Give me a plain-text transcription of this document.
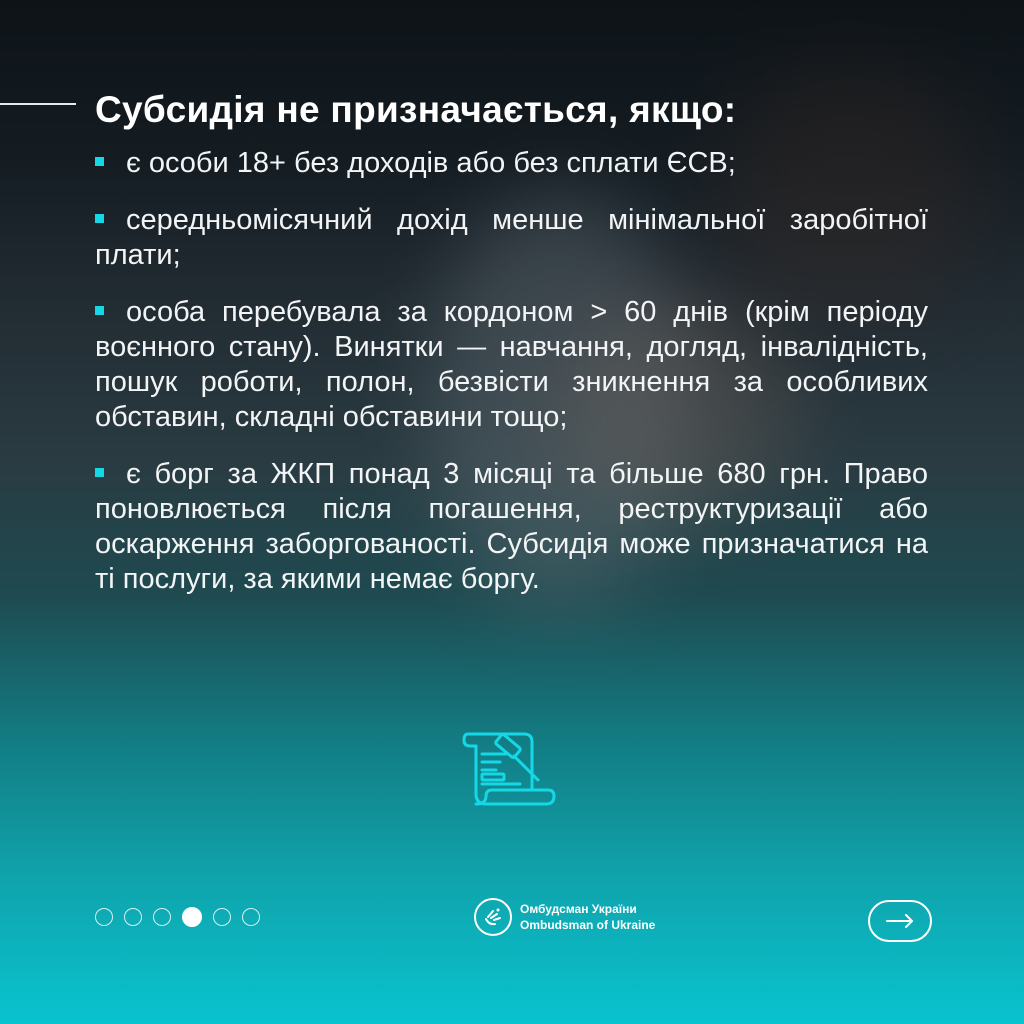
Субсидія не призначається, якщо:
є особи 18+ без доходів або без сплати ЄСВ;
середньомісячний дохід менше мінімальної заробітної плати;
особа перебувала за кордоном > 60 днів (крім періоду воєнного стану). Винятки — навчання, догляд, інвалідність, пошук роботи, полон, безвісти зникнення за особливих обставин, складні обставини тощо;
є борг за ЖКП понад 3 місяці та більше 680 грн. Право поновлюється після погашення, реструктуризації або оскарження заборгованості. Субсидія може призначатися на ті послуги, за якими немає боргу.
Омбудсман України
Ombudsman of Ukraine
